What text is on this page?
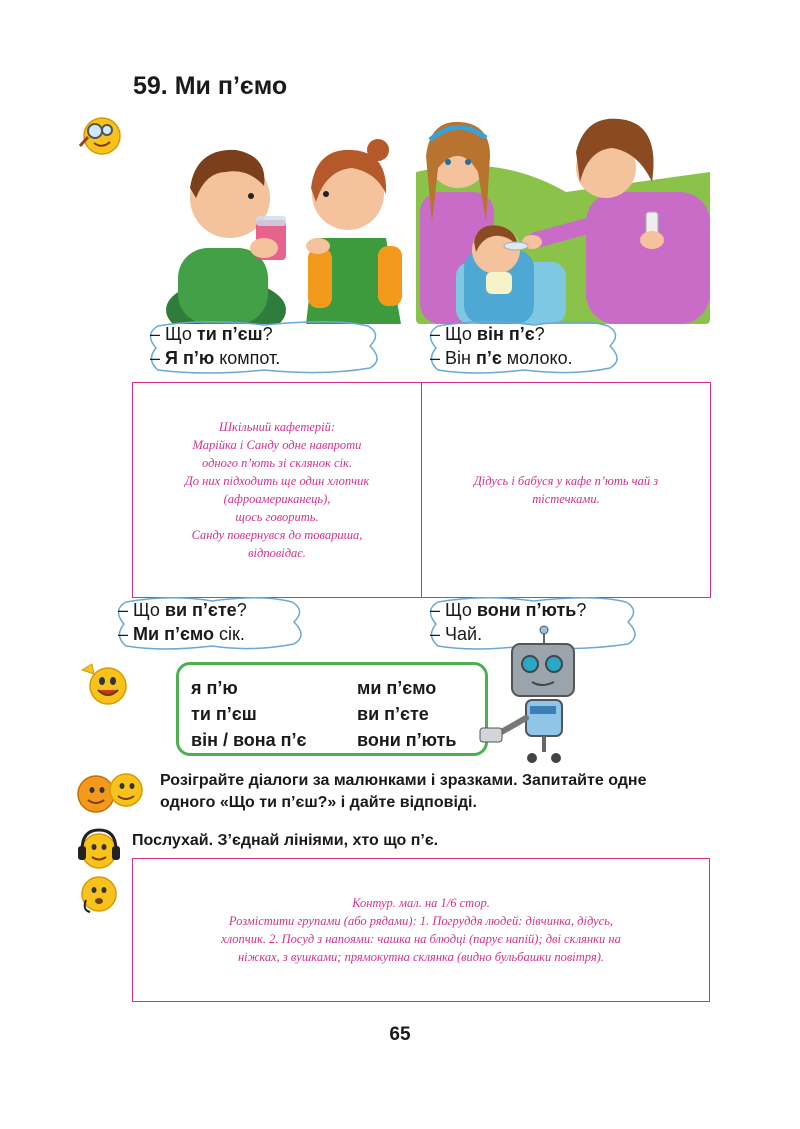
59. Ми п’ємо
– Що ти п’єш?
– Я п’ю компот.
– Що він п’є?
– Він п’є молоко.
Шкільний кафетерій:
Марійка і Санду одне навпроти
одного п’ють зі склянок сік.
До них підходить ще один хлопчик
(афроамериканець),
щось говорить.
Санду повернувся до товариша,
відповідає.
Дідусь і бабуся у кафе п’ють чай з
тістечками.
– Що ви п’єте?
– Ми п’ємо сік.
– Що вони п’ють?
– Чай.
я п’ю	ми п’ємо
ти п’єш	ви п’єте
він / вона п’є	вони п’ють
Розіграйте діалоги за малюнками і зразками. Запитайте одне
одного «Що ти п’єш?» і дайте відповіді.
Послухай. З’єднай лініями, хто що п’є.
Контур. мал. на 1/6 стор.
Розмістити групами (або рядами): 1. Погруддя людей: дівчинка, дідусь,
хлопчик. 2. Посуд з напоями: чашка на блюдці (парує напій); дві склянки на
ніжках, з вушками; прямокутна склянка (видно бульбашки повітря).
65
